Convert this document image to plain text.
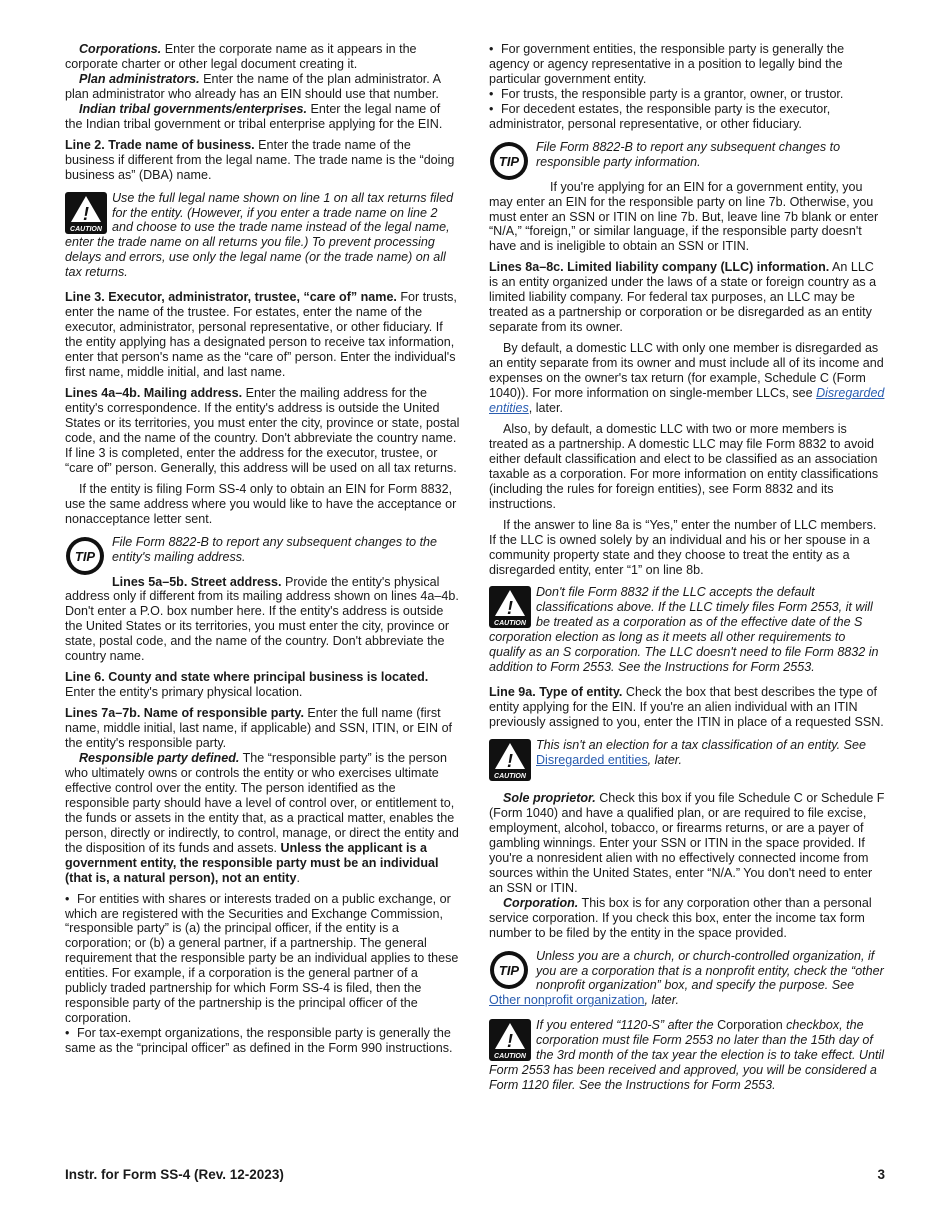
Corporations. Enter the corporate name as it appears in the corporate charter or other legal document creating it.

Plan administrators. Enter the name of the plan administrator. A plan administrator who already has an EIN should use that number.

Indian tribal governments/enterprises. Enter the legal name of the Indian tribal government or tribal enterprise applying for the EIN.

Line 2. Trade name of business. Enter the trade name of the business if different from the legal name. The trade name is the “doing business as” (DBA) name.

!
CAUTION
Use the full legal name shown on line 1 on all tax returns filed for the entity. (However, if you enter a trade name on line 2 and choose to use the trade name instead of the legal name, enter the trade name on all returns you file.) To prevent processing delays and errors, use only the legal name (or the trade name) on all tax returns.

Line 3. Executor, administrator, trustee, “care of” name. For trusts, enter the name of the trustee. For estates, enter the name of the executor, administrator, personal representative, or other fiduciary. If the entity applying has a designated person to receive tax information, enter that person's name as the “care of” person. Enter the individual's first name, middle initial, and last name.

Lines 4a–4b. Mailing address. Enter the mailing address for the entity's correspondence. If the entity's address is outside the United States or its territories, you must enter the city, province or state, postal code, and the name of the country. Don't abbreviate the country name. If line 3 is completed, enter the address for the executor, trustee, or “care of” person. Generally, this address will be used on all tax returns.

If the entity is filing Form SS-4 only to obtain an EIN for Form 8832, use the same address where you would like to have the acceptance or nonacceptance letter sent.

TIP
File Form 8822-B to report any subsequent changes to the entity's mailing address.

Lines 5a–5b. Street address. Provide the entity's physical address only if different from its mailing address shown on lines 4a–4b. Don't enter a P.O. box number here. If the entity's address is outside the United States or its territories, you must enter the city, province or state, postal code, and the name of the country. Don't abbreviate the country name.

Line 6. County and state where principal business is located. Enter the entity's primary physical location.

Lines 7a–7b. Name of responsible party. Enter the full name (first name, middle initial, last name, if applicable) and SSN, ITIN, or EIN of the entity's responsible party.

Responsible party defined. The “responsible party” is the person who ultimately owns or controls the entity or who exercises ultimate effective control over the entity. The person identified as the responsible party should have a level of control over, or entitlement to, the funds or assets in the entity that, as a practical matter, enables the person, directly or indirectly, to control, manage, or direct the entity and the disposition of its funds and assets. Unless the applicant is a government entity, the responsible party must be an individual (that is, a natural person), not an entity.

• For entities with shares or interests traded on a public exchange, or which are registered with the Securities and Exchange Commission, “responsible party” is (a) the principal officer, if the entity is a corporation; or (b) a general partner, if a partnership. The general requirement that the responsible party be an individual applies to these entities. For example, if a corporation is the general partner of a publicly traded partnership for which Form SS-4 is filed, then the responsible party of the partnership is the principal officer of the corporation.

• For tax-exempt organizations, the responsible party is generally the same as the “principal officer” as defined in the Form 990 instructions.

• For government entities, the responsible party is generally the agency or agency representative in a position to legally bind the particular government entity.

• For trusts, the responsible party is a grantor, owner, or trustor.

• For decedent estates, the responsible party is the executor, administrator, personal representative, or other fiduciary.

TIP
File Form 8822-B to report any subsequent changes to responsible party information.

If you're applying for an EIN for a government entity, you may enter an EIN for the responsible party on line 7b. Otherwise, you must enter an SSN or ITIN on line 7b. But, leave line 7b blank or enter “N/A,” “foreign,” or similar language, if the responsible party doesn't have and is ineligible to obtain an SSN or ITIN.

Lines 8a–8c. Limited liability company (LLC) information. An LLC is an entity organized under the laws of a state or foreign country as a limited liability company. For federal tax purposes, an LLC may be treated as a partnership or corporation or be disregarded as an entity separate from its owner.

By default, a domestic LLC with only one member is disregarded as an entity separate from its owner and must include all of its income and expenses on the owner's tax return (for example, Schedule C (Form 1040)). For more information on single-member LLCs, see Disregarded entities, later.

Also, by default, a domestic LLC with two or more members is treated as a partnership. A domestic LLC may file Form 8832 to avoid either default classification and elect to be classified as an association taxable as a corporation. For more information on entity classifications (including the rules for foreign entities), see Form 8832 and its instructions.

If the answer to line 8a is “Yes,” enter the number of LLC members. If the LLC is owned solely by an individual and his or her spouse in a community property state and they choose to treat the entity as a disregarded entity, enter “1” on line 8b.

!
CAUTION
Don't file Form 8832 if the LLC accepts the default classifications above. If the LLC timely files Form 2553, it will be treated as a corporation as of the effective date of the S corporation election as long as it meets all other requirements to qualify as an S corporation. The LLC doesn't need to file Form 8832 in addition to Form 2553. See the Instructions for Form 2553.

Line 9a. Type of entity. Check the box that best describes the type of entity applying for the EIN. If you're an alien individual with an ITIN previously assigned to you, enter the ITIN in place of a requested SSN.

!
CAUTION
This isn't an election for a tax classification of an entity. See Disregarded entities, later.

Sole proprietor. Check this box if you file Schedule C or Schedule F (Form 1040) and have a qualified plan, or are required to file excise, employment, alcohol, tobacco, or firearms returns, or are a payer of gambling winnings. Enter your SSN or ITIN in the space provided. If you're a nonresident alien with no effectively connected income from sources within the United States, enter “N/A.” You don't need to enter an SSN or ITIN.

Corporation. This box is for any corporation other than a personal service corporation. If you check this box, enter the income tax form number to be filed by the entity in the space provided.

TIP
Unless you are a church, or church-controlled organization, if you are a corporation that is a nonprofit entity, check the “other nonprofit organization” box, and specify the purpose. See Other nonprofit organization, later.
!
CAUTION
If you entered “1120-S” after the Corporation checkbox, the corporation must file Form 2553 no later than the 15th day of the 3rd month of the tax year the election is to take effect. Until Form 2553 has been received and approved, you will be considered a Form 1120 filer. See the Instructions for Form 2553.
Instr. for Form SS-4 (Rev. 12-2023)	3
